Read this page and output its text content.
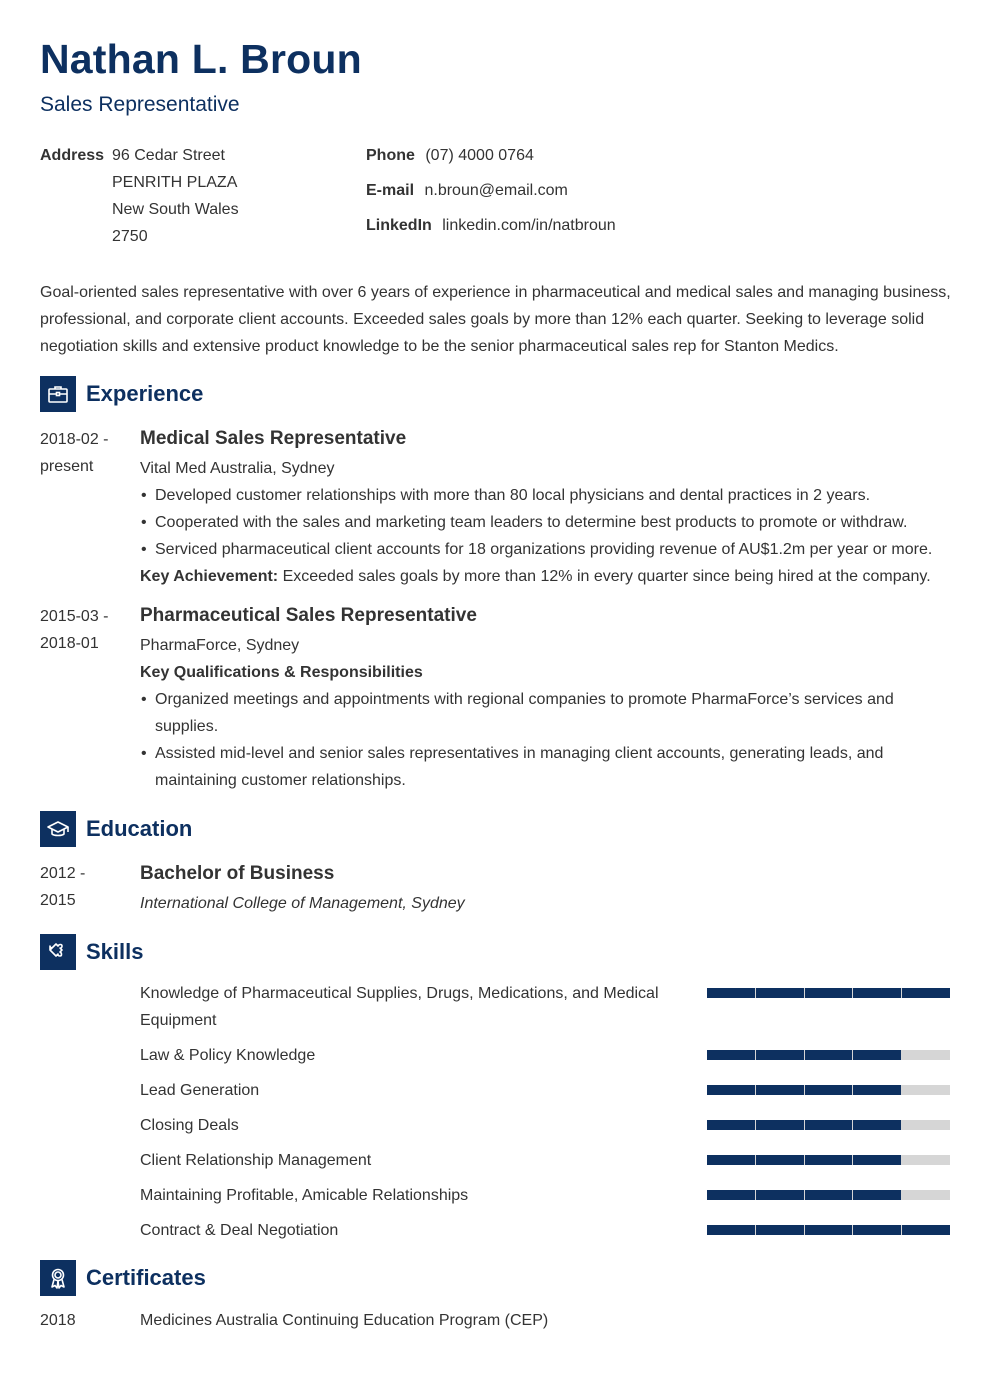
Nathan L. Broun
Sales Representative
Address 96 Cedar Street
PENRITH PLAZA
New South Wales
2750
Phone (07) 4000 0764
E-mail n.broun@email.com
LinkedIn linkedin.com/in/natbroun
Goal-oriented sales representative with over 6 years of experience in pharmaceutical and medical sales and managing business, professional, and corporate client accounts. Exceeded sales goals by more than 12% each quarter. Seeking to leverage solid negotiation skills and extensive product knowledge to be the senior pharmaceutical sales rep for Stanton Medics.
Experience
2018-02 -
present
Medical Sales Representative
Vital Med Australia, Sydney
• Developed customer relationships with more than 80 local physicians and dental practices in 2 years.
• Cooperated with the sales and marketing team leaders to determine best products to promote or withdraw.
• Serviced pharmaceutical client accounts for 18 organizations providing revenue of AU$1.2m per year or more.
Key Achievement: Exceeded sales goals by more than 12% in every quarter since being hired at the company.
2015-03 -
2018-01
Pharmaceutical Sales Representative
PharmaForce, Sydney
Key Qualifications & Responsibilities
• Organized meetings and appointments with regional companies to promote PharmaForce’s services and supplies.
• Assisted mid-level and senior sales representatives in managing client accounts, generating leads, and maintaining customer relationships.
Education
2012 -
2015
Bachelor of Business
International College of Management, Sydney
Skills
Knowledge of Pharmaceutical Supplies, Drugs, Medications, and Medical Equipment
Law & Policy Knowledge
Lead Generation
Closing Deals
Client Relationship Management
Maintaining Profitable, Amicable Relationships
Contract & Deal Negotiation
Certificates
2018	Medicines Australia Continuing Education Program (CEP)
